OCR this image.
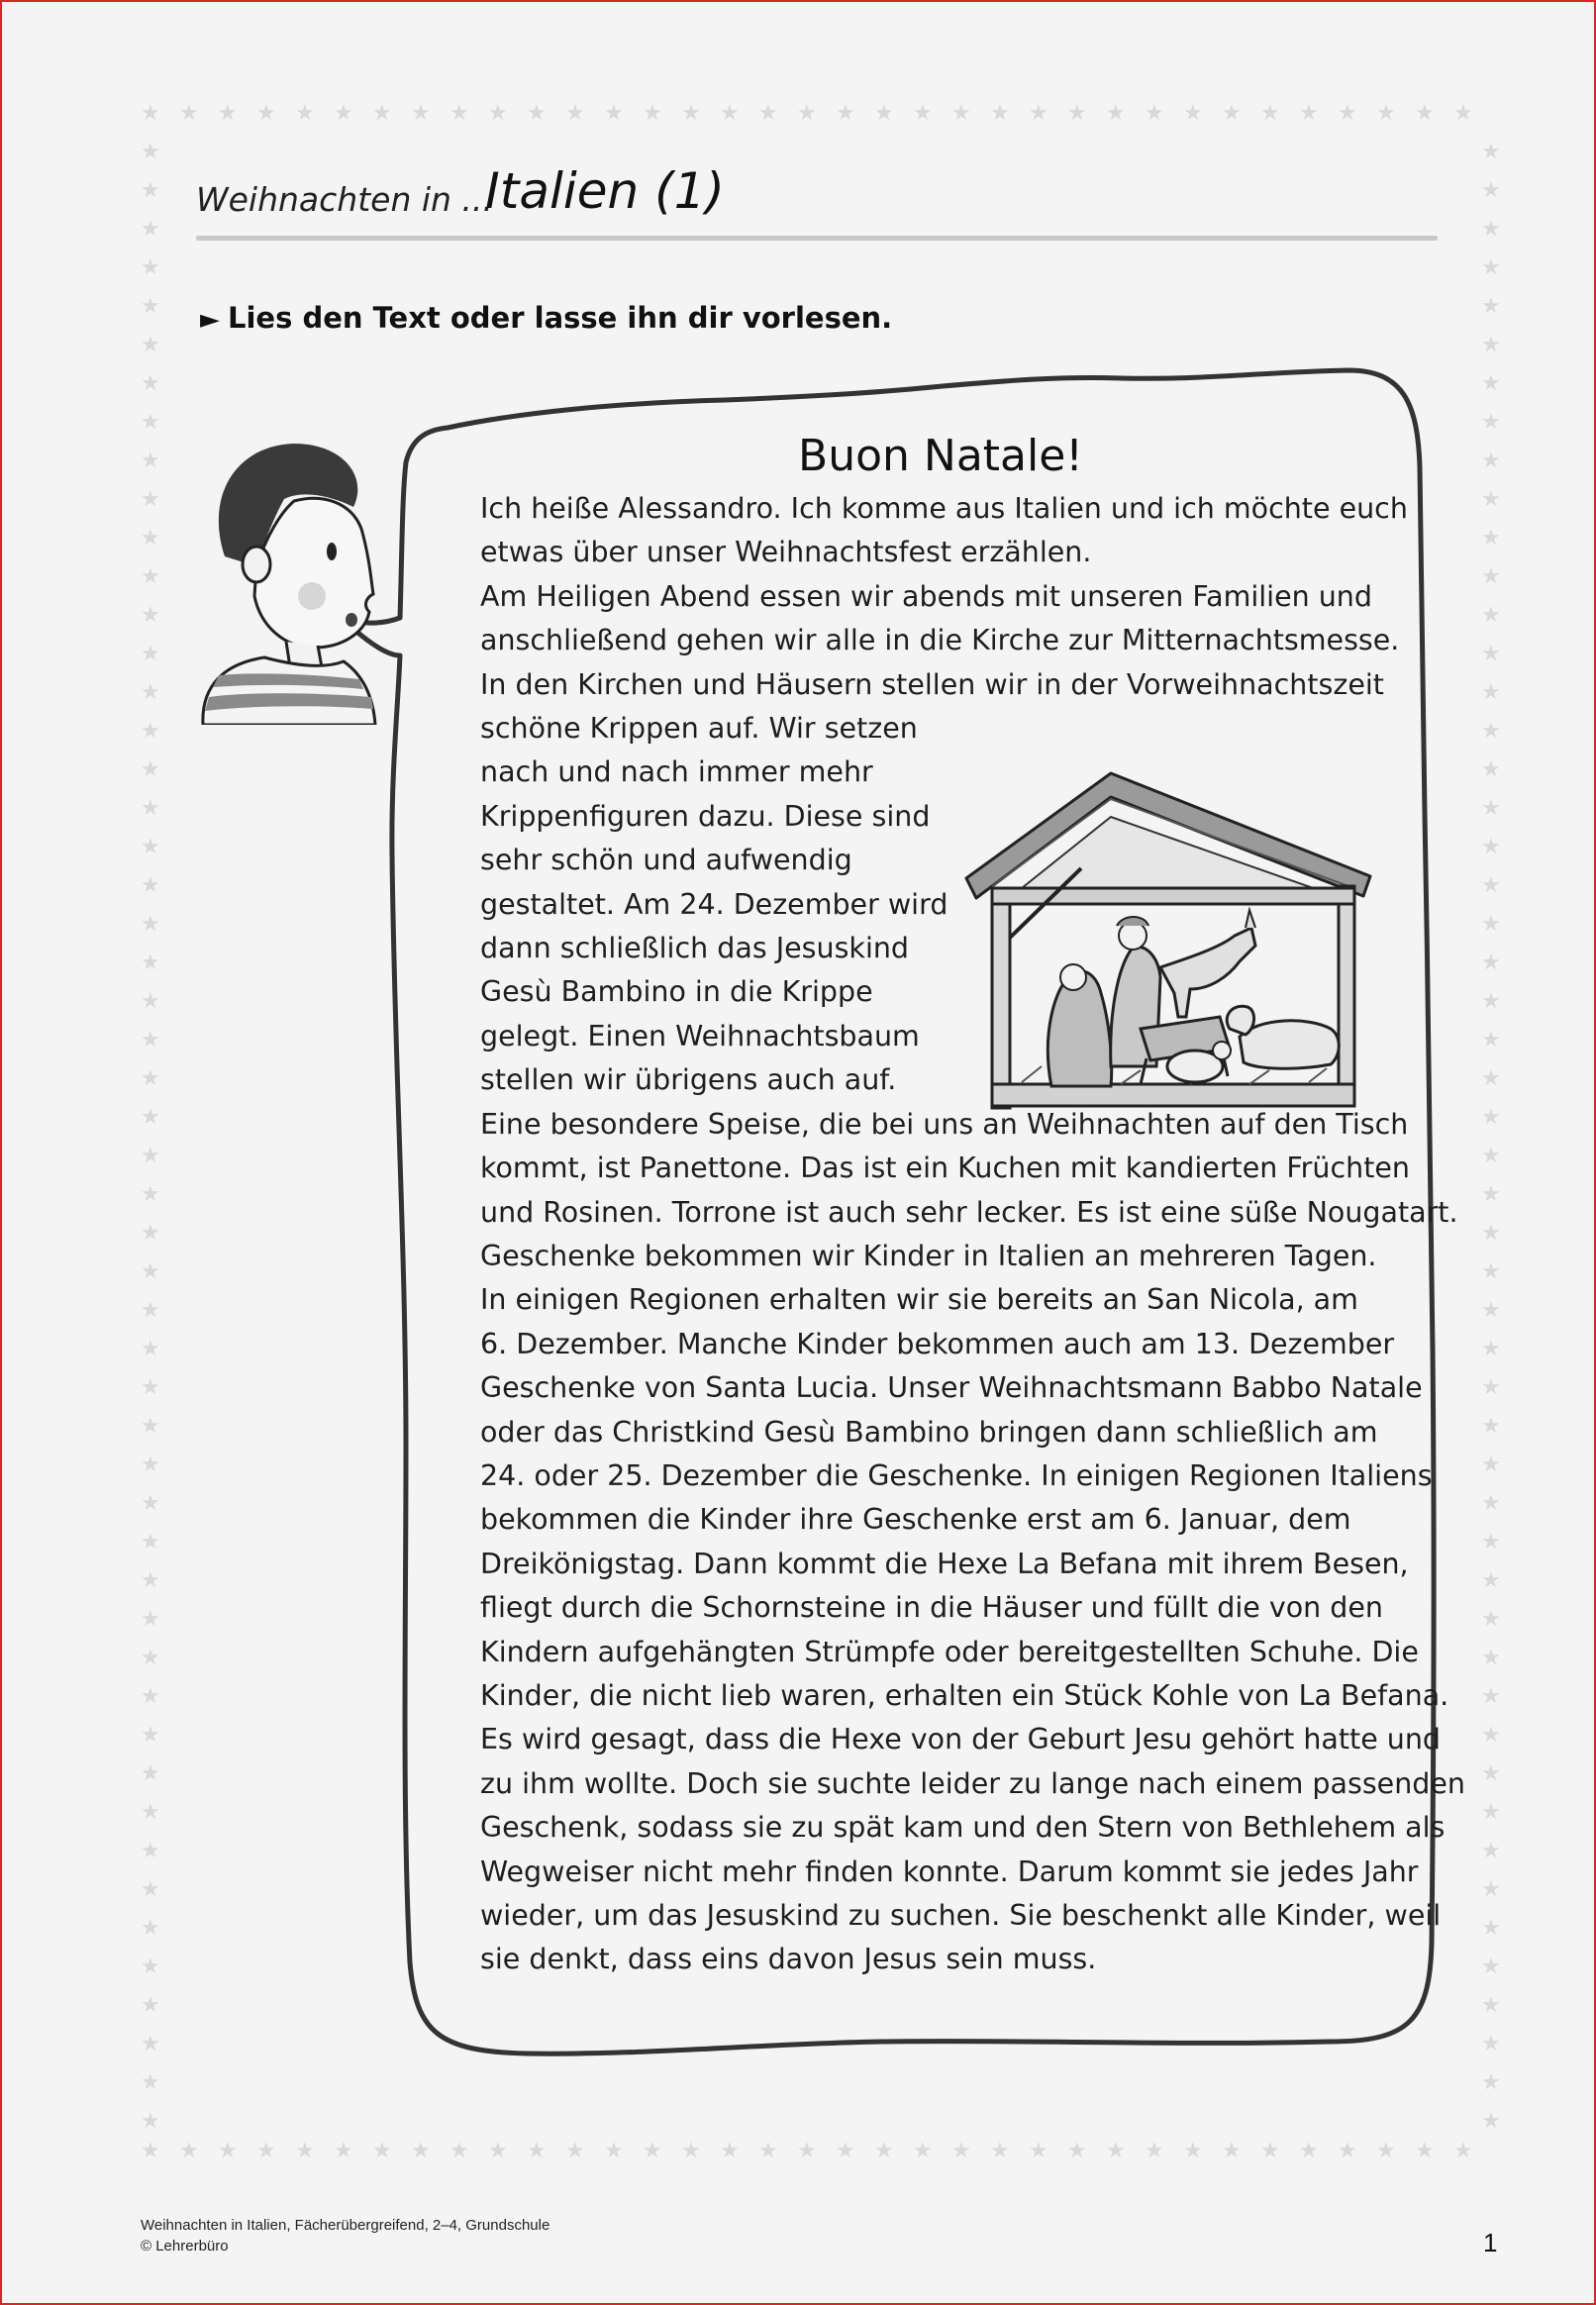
★
★
★
★
★
★
★
★
★
★
★
★
★
★
★
★
★
★
★
★
★
★
★
★
★
★
★
★
★
★
★
★
★
★
★
★
★
★
★
★
★
★
★
★
★
★
★
★
★
★
★
★
★
★
★
★
★
★
★
★
★
★
★
★
★
★
★
★
★
★
★	★
★	★
★	★
★	★
★	★
★	★
★	★
★	★
★	★
★	★
★	★
★	★
★	★
★	★
★	★
★	★
★	★
★	★
★	★
★	★
★	★
★	★
★	★
★	★
★	★
★	★
★	★
★	★
★	★
★	★
★	★
★	★
★	★
★	★
★	★
★	★
★	★
★	★
★	★
★	★
★	★
★	★
★	★
★	★
★	★
★	★
★	★
★	★
★	★
★	★
★	★
★	★
Weihnachten in ...
Italien (1)
► Lies den Text oder lasse ihn dir vorlesen.
Buon Natale!

Ich heiße Alessandro. Ich komme aus Italien und ich möchte euch
etwas über unser Weihnachtsfest erzählen.
Am Heiligen Abend essen wir abends mit unseren Familien und
anschließend gehen wir alle in die Kirche zur Mitternachtsmesse.
In den Kirchen und Häusern stellen wir in der Vorweihnachtszeit
schöne Krippen auf. Wir setzen
nach und nach immer mehr
Krippenfiguren dazu. Diese sind
sehr schön und aufwendig
gestaltet. Am 24. Dezember wird
dann schließlich das Jesuskind
Gesù Bambino in die Krippe
gelegt. Einen Weihnachtsbaum
stellen wir übrigens auch auf.
Eine besondere Speise, die bei uns an Weihnachten auf den Tisch
kommt, ist Panettone. Das ist ein Kuchen mit kandierten Früchten
und Rosinen. Torrone ist auch sehr lecker. Es ist eine süße Nougatart.
Geschenke bekommen wir Kinder in Italien an mehreren Tagen.
In einigen Regionen erhalten wir sie bereits an San Nicola, am
6. Dezember. Manche Kinder bekommen auch am 13. Dezember
Geschenke von Santa Lucia. Unser Weihnachtsmann Babbo Natale
oder das Christkind Gesù Bambino bringen dann schließlich am
24. oder 25. Dezember die Geschenke. In einigen Regionen Italiens
bekommen die Kinder ihre Geschenke erst am 6. Januar, dem
Dreikönigstag. Dann kommt die Hexe La Befana mit ihrem Besen,
fliegt durch die Schornsteine in die Häuser und füllt die von den
Kindern aufgehängten Strümpfe oder bereitgestellten Schuhe. Die
Kinder, die nicht lieb waren, erhalten ein Stück Kohle von La Befana.
Es wird gesagt, dass die Hexe von der Geburt Jesu gehört hatte und
zu ihm wollte. Doch sie suchte leider zu lange nach einem passenden
Geschenk, sodass sie zu spät kam und den Stern von Bethlehem als
Wegweiser nicht mehr finden konnte. Darum kommt sie jedes Jahr
wieder, um das Jesuskind zu suchen. Sie beschenkt alle Kinder, weil
sie denkt, dass eins davon Jesus sein muss.

Weihnachten in Italien, Fächerübergreifend, 2–4, Grundschule
© Lehrerbüro	1
